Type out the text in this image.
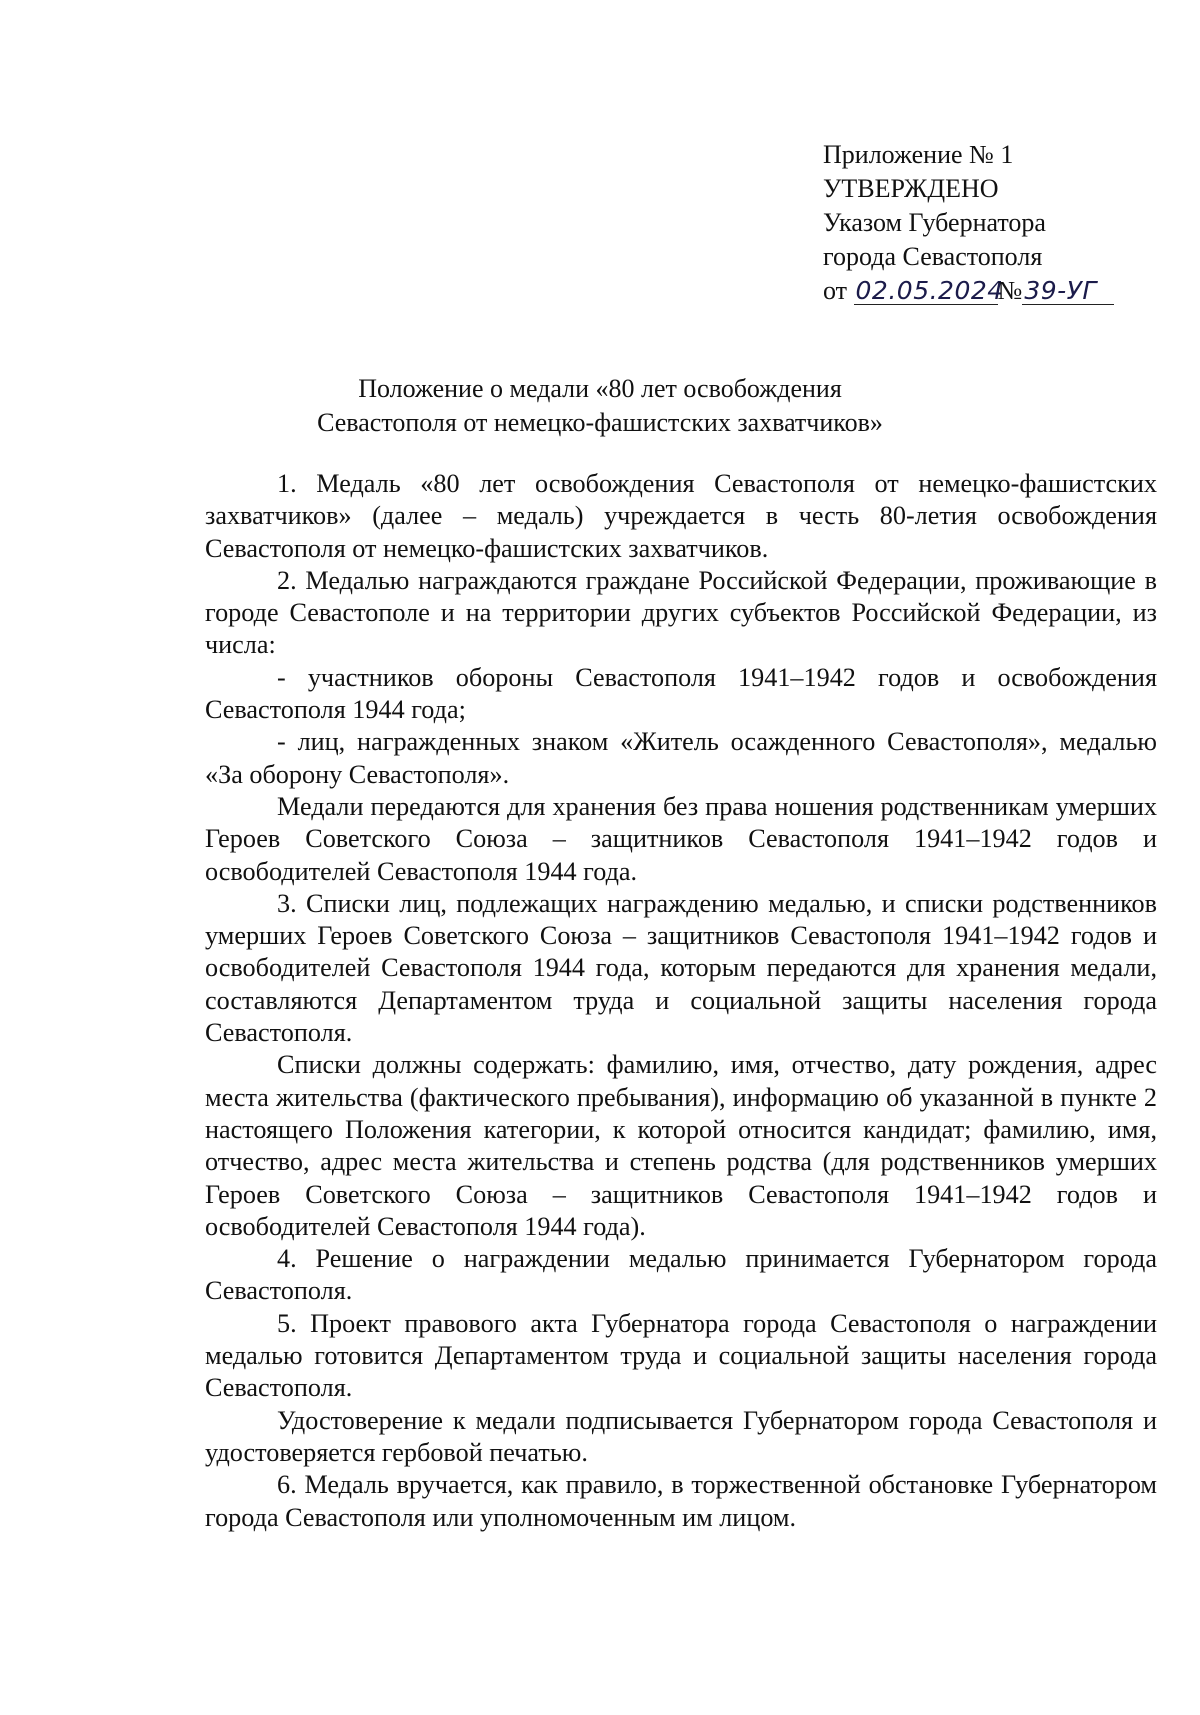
Приложение № 1
УТВЕРЖДЕНО
Указом Губернатора
города Севастополя
от 02.05.2024№39-УГ
Положение о медали «80 лет освобождения
Севастополя от немецко-фашистских захватчиков»

1. Медаль «80 лет освобождения Севастополя от немецко-фашистских захватчиков» (далее – медаль) учреждается в честь 80-летия освобождения Севастополя от немецко-фашистских захватчиков.

2. Медалью награждаются граждане Российской Федерации, проживающие в городе Севастополе и на территории других субъектов Российской Федерации, из числа:

- участников обороны Севастополя 1941–1942 годов и освобождения Севастополя 1944 года;

- лиц, награжденных знаком «Житель осажденного Севастополя», медалью «За оборону Севастополя».

Медали передаются для хранения без права ношения родственникам умерших Героев Советского Союза – защитников Севастополя 1941–1942 годов и освободителей Севастополя 1944 года.

3. Списки лиц, подлежащих награждению медалью, и списки родственников умерших Героев Советского Союза – защитников Севастополя 1941–1942 годов и освободителей Севастополя 1944 года, которым передаются для хранения медали, составляются Департаментом труда и социальной защиты населения города Севастополя.

Списки должны содержать: фамилию, имя, отчество, дату рождения, адрес места жительства (фактического пребывания), информацию об указанной в пункте 2 настоящего Положения категории, к которой относится кандидат; фамилию, имя, отчество, адрес места жительства и степень родства (для родственников умерших Героев Советского Союза – защитников Севастополя 1941–1942 годов и освободителей Севастополя 1944 года).

4. Решение о награждении медалью принимается Губернатором города Севастополя.

5. Проект правового акта Губернатора города Севастополя о награждении медалью готовится Департаментом труда и социальной защиты населения города Севастополя.

Удостоверение к медали подписывается Губернатором города Севастополя и удостоверяется гербовой печатью.

6. Медаль вручается, как правило, в торжественной обстановке Губернатором города Севастополя или уполномоченным им лицом.
